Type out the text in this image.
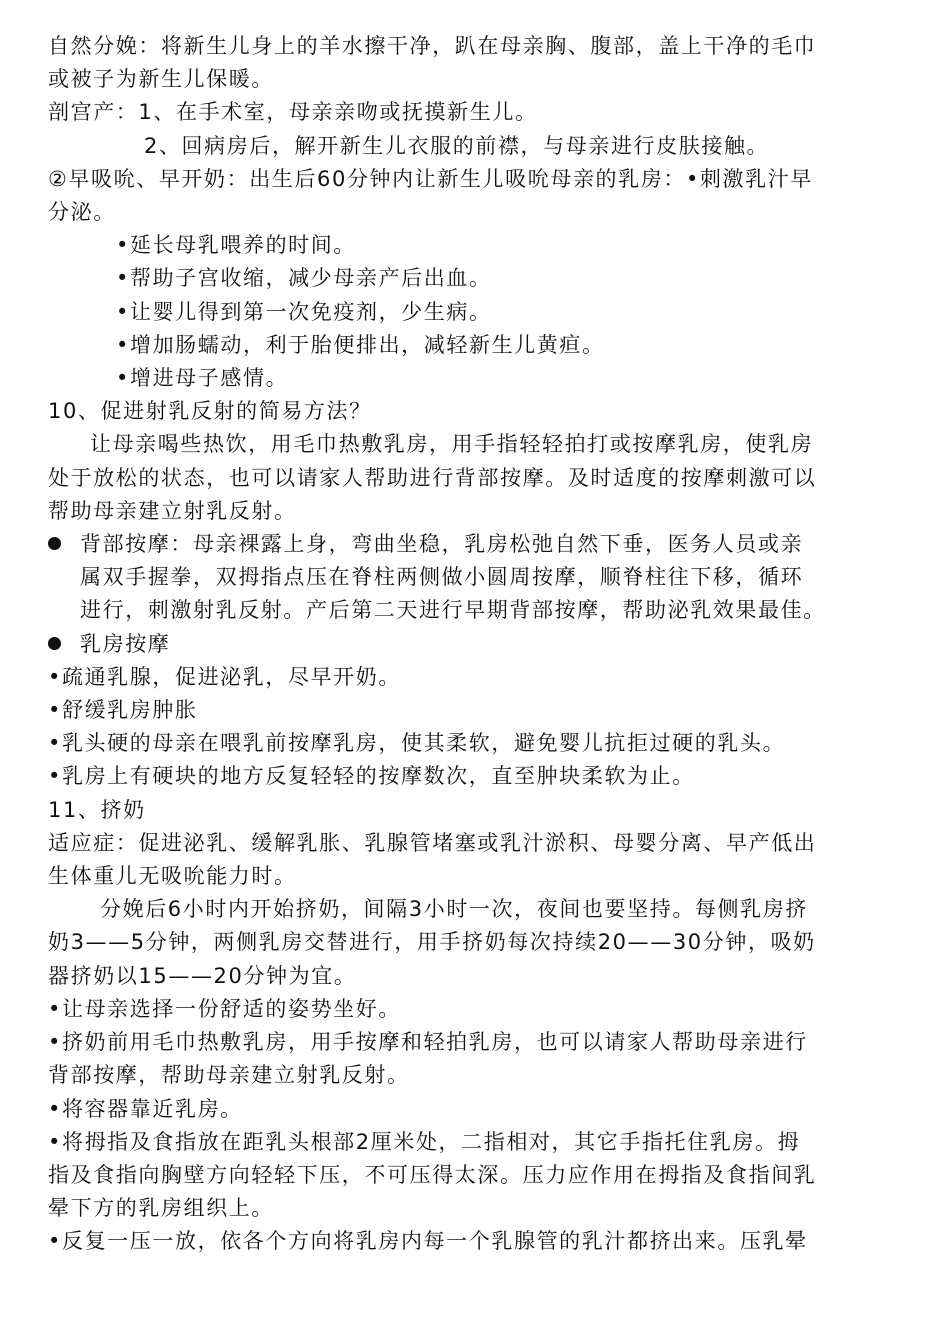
自然分娩：将新生儿身上的羊水擦干净，趴在母亲胸、腹部，盖上干净的毛巾
或被子为新生儿保暖。
剖宫产：1、在手术室，母亲亲吻或抚摸新生儿。
2、回病房后，解开新生儿衣服的前襟，与母亲进行皮肤接触。
②早吸吮、早开奶：出生后60分钟内让新生儿吸吮母亲的乳房：•刺激乳汁早
分泌。
•延长母乳喂养的时间。
•帮助子宫收缩，减少母亲产后出血。
•让婴儿得到第一次免疫剂，少生病。
•增加肠蠕动，利于胎便排出，减轻新生儿黄疸。
•增进母子感情。
10、促进射乳反射的简易方法？
让母亲喝些热饮，用毛巾热敷乳房，用手指轻轻拍打或按摩乳房，使乳房
处于放松的状态，也可以请家人帮助进行背部按摩。及时适度的按摩刺激可以
帮助母亲建立射乳反射。
背部按摩：母亲裸露上身，弯曲坐稳，乳房松弛自然下垂，医务人员或亲
属双手握拳，双拇指点压在脊柱两侧做小圆周按摩，顺脊柱往下移，循环
进行，刺激射乳反射。产后第二天进行早期背部按摩，帮助泌乳效果最佳。
乳房按摩
•疏通乳腺，促进泌乳，尽早开奶。
•舒缓乳房肿胀
•乳头硬的母亲在喂乳前按摩乳房，使其柔软，避免婴儿抗拒过硬的乳头。
•乳房上有硬块的地方反复轻轻的按摩数次，直至肿块柔软为止。
11、挤奶
适应症：促进泌乳、缓解乳胀、乳腺管堵塞或乳汁淤积、母婴分离、早产低出
生体重儿无吸吮能力时。
分娩后6小时内开始挤奶，间隔3小时一次，夜间也要坚持。每侧乳房挤
奶3——5分钟，两侧乳房交替进行，用手挤奶每次持续20——30分钟，吸奶
器挤奶以15——20分钟为宜。
•让母亲选择一份舒适的姿势坐好。
•挤奶前用毛巾热敷乳房，用手按摩和轻拍乳房，也可以请家人帮助母亲进行
背部按摩，帮助母亲建立射乳反射。
•将容器靠近乳房。
•将拇指及食指放在距乳头根部2厘米处，二指相对，其它手指托住乳房。拇
指及食指向胸壁方向轻轻下压，不可压得太深。压力应作用在拇指及食指间乳
晕下方的乳房组织上。
•反复一压一放，依各个方向将乳房内每一个乳腺管的乳汁都挤出来。压乳晕
